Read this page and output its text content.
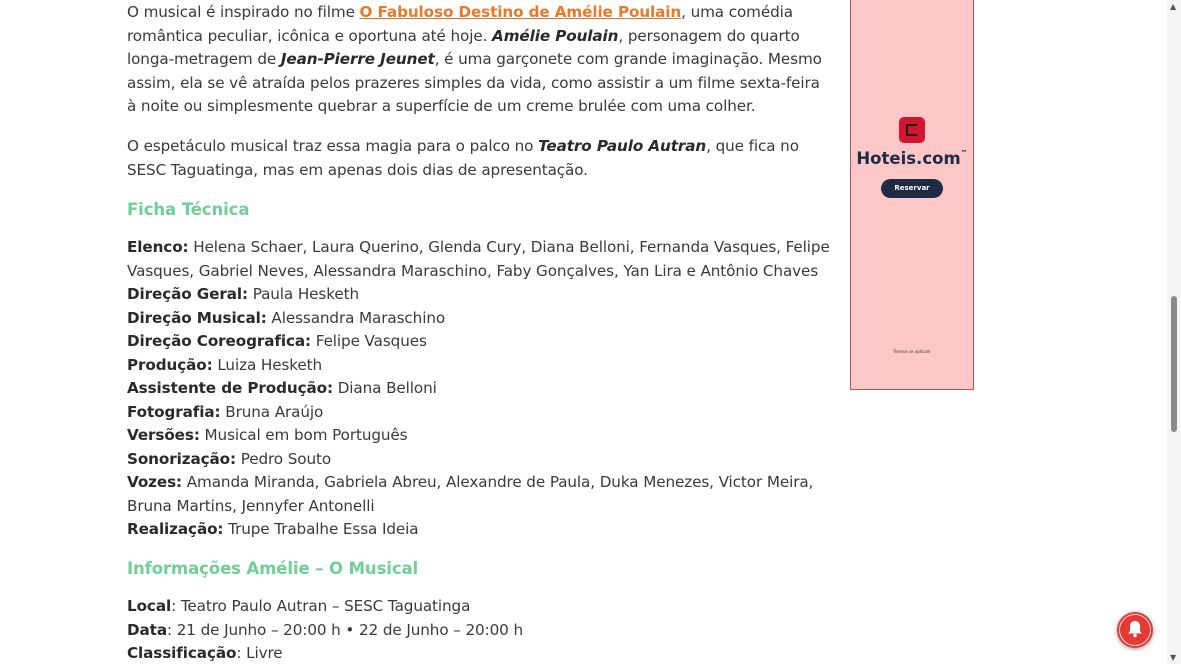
O musical é inspirado no filme O Fabuloso Destino de Amélie Poulain, uma comédia romântica peculiar, icônica e oportuna até hoje. Amélie Poulain, personagem do quarto longa-metragem de Jean-Pierre Jeunet, é uma garçonete com grande imaginação. Mesmo assim, ela se vê atraída pelos prazeres simples da vida, como assistir a um filme sexta-feira à noite ou simplesmente quebrar a superfície de um creme brulée com uma colher.

O espetáculo musical traz essa magia para o palco no Teatro Paulo Autran, que fica no SESC Taguatinga, mas em apenas dois dias de apresentação.

Ficha Técnica
Elenco: Helena Schaer, Laura Querino, Glenda Cury, Diana Belloni, Fernanda Vasques, Felipe Vasques, Gabriel Neves, Alessandra Maraschino, Faby Gonçalves, Yan Lira e Antônio Chaves
Direção Geral: Paula Hesketh
Direção Musical: Alessandra Maraschino
Direção Coreografica: Felipe Vasques
Produção: Luiza Hesketh
Assistente de Produção: Diana Belloni
Fotografia: Bruna Araújo
Versões: Musical em bom Português
Sonorização: Pedro Souto
Vozes: Amanda Miranda, Gabriela Abreu, Alexandre de Paula, Duka Menezes, Victor Meira, Bruna Martins, Jennyfer Antonelli
Realização: Trupe Trabalhe Essa Ideia
Informações Amélie – O Musical
Local: Teatro Paulo Autran – SESC Taguatinga
Data: 21 de Junho – 20:00 h • 22 de Junho – 20:00 h
Classificação: Livre
Hoteis.com™
Reservar
Termos se aplicam
▲
▼
